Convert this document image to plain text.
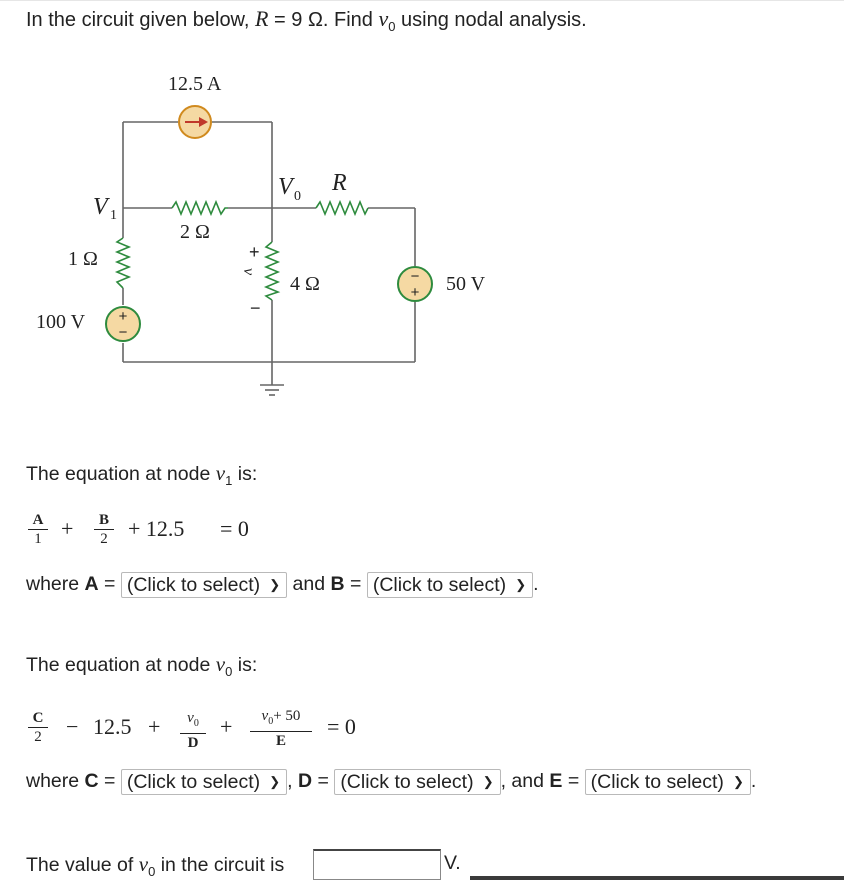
In the circuit given below, R = 9 Ω. Find $v_0$ using nodal analysis.
+
−
−
+
12.5 A
2 Ω
1 Ω
4 Ω
100 V
50 V
R
V 1
V 0
+
v
−
The equation at node $v_1$ is:
A
1 +	B
2 + 12.5 = 0
where A = (Click to select) ❯ and B = (Click to select) ❯ .
The equation at node $v_0$ is:
C
2 − 12.5 +	$v_0$
D
+	$v_0+ 50$
E
= 0
where C = (Click to select) ❯ , D = (Click to select) ❯ , and E = (Click to select) ❯ .
The value of $v_0$ in the circuit is	V.
